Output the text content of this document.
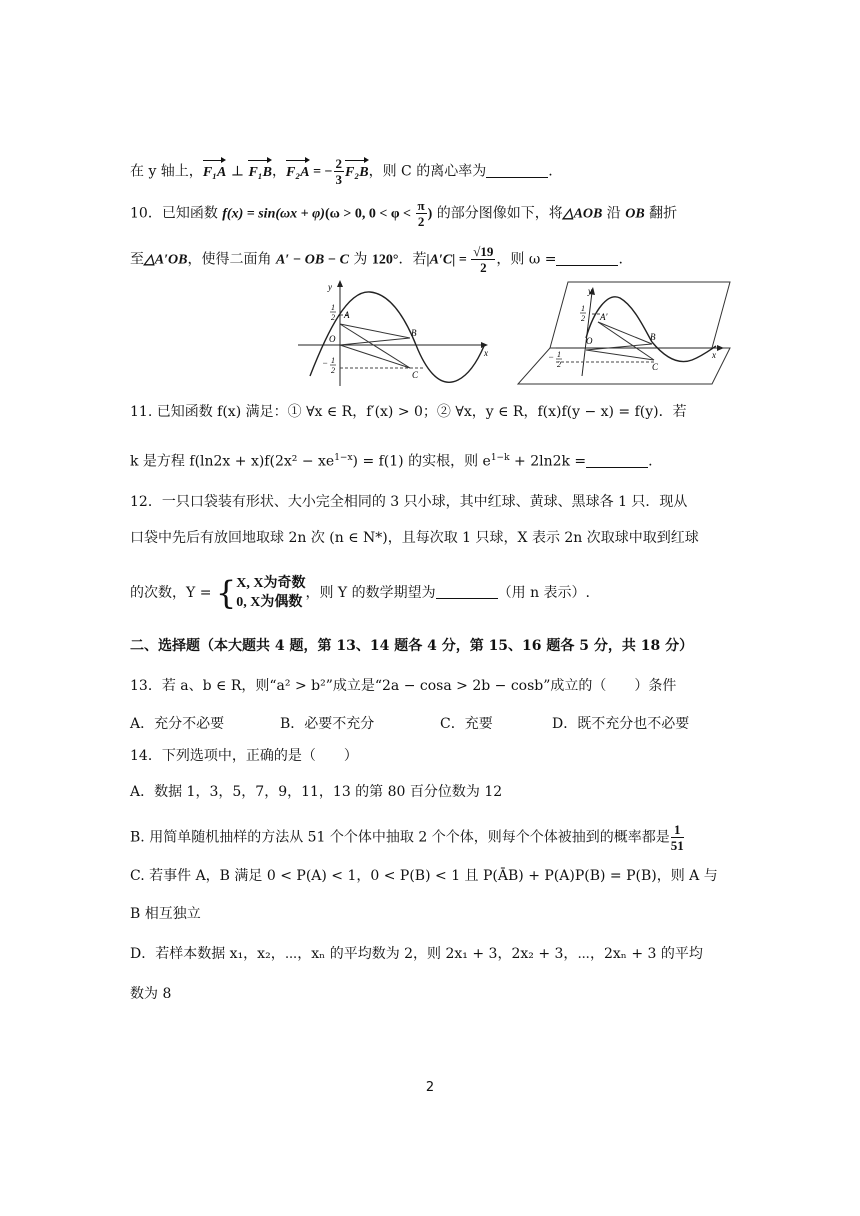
在 y 轴上，F₁A ⊥ F₁B，F₂A = − $\frac{2}{3} F_2B$，则 C 的离心率为	.
10．已知函数 f(x) = sin(ωx + φ)(ω > 0, $0 < \varphi < \frac{\pi}{2}$ ) 的部分图像如下，将△AOB 沿 OB 翻折
至△A′OB，使得二面角 A′ − OB − C 为 120°．若$|A'C| = \frac{√19}{2}$ ，则 ω =	.
y
x
1
2 A
O
B
C
− 1
2
y
x
1
2 A′
O	B
C
− 1
2
11. 已知函数 f(x) 满足：① ∀x ∈ R，f′(x) > 0；② ∀x，y ∈ R，f(x)f(y − x) = f(y)．若
k 是方程 $f(\ln 2x + x)f(2x^2 - xe^{1-x}) = f(1)$ 的实根，则 $e^{1-k} + 2\ln 2k$ =	.
12．一只口袋装有形状、大小完全相同的 3 只小球，其中红球、黄球、黑球各 1 只．现从
口袋中先后有放回地取球 2n 次 (n ∈ N*)，且每次取 1 只球，X 表示 2n 次取球中取到红球
的次数，Y = { X, X为奇数
0, X为偶数
，则 Y 的数学期望为	（用 n 表示）.
二、选择题（本大题共 4 题，第 13、14 题各 4 分，第 15、16 题各 5 分，共 18 分）
13．若 a、b ∈ R，则“a² > b²”成立是“2a − cosa > 2b − cosb”成立的（　　）条件
A．充分不必要	B．必要不充分	C．充要	D．既不充分也不必要
14．下列选项中，正确的是（　　）
A．数据 1，3，5，7，9，11，13 的第 80 百分位数为 12
B. 用简单随机抽样的方法从 51 个个体中抽取 2 个个体，则每个个体被抽到的概率都是 $\frac{1}{51}$
C. 若事件 A，B 满足 0 < P(A) < 1，0 < P(B) < 1 且 P(ĀB) + P(A)P(B) = P(B)，则 A 与
B 相互独立
D．若样本数据 x₁，x₂，⋯，xₙ 的平均数为 2，则 2x₁ + 3，2x₂ + 3，⋯，2xₙ + 3 的平均
数为 8
2
